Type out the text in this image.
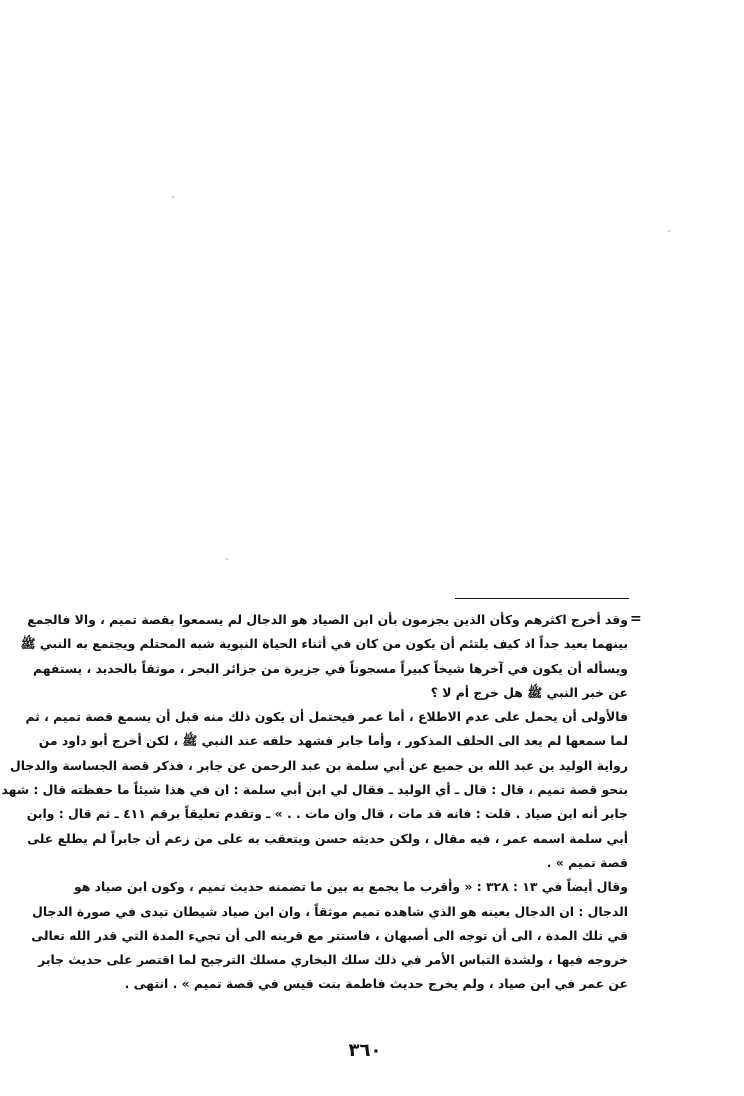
=
وقد أخرج اكثرهم وكأن الذين يجزمون بأن ابن الصياد هو الدجال لم يسمعوا بقصة تميم ، والا فالجمع
بينهما بعيد جداً اذ كيف يلتئم أن يكون من كان في أثناء الحياة النبوية شبه المحتلم ويجتمع به النبي ﷺ
ويسأله أن يكون في آخرها شيخاً كبيراً مسجوناً في جزيرة من جزائر البحر ، موثقاً بالحديد ، يستفهم
عن خبر النبي ﷺ هل خرج أم لا ؟
فالأولى أن يحمل على عدم الاطلاع ، أما عمر فيحتمل أن يكون ذلك منه قبل أن يسمع قصة تميم ، ثم
لما سمعها لم يعد الى الحلف المذكور ، وأما جابر فشهد حلفه عند النبي ﷺ ، لكن أخرج أبو داود من
رواية الوليد بن عبد الله بن جميع عن أبي سلمة بن عبد الرحمن عن جابر ، فذكر قصة الجساسة والدجال
بنحو قصة تميم ، قال : قال ـ أي الوليد ـ فقال لي ابن أبي سلمة : ان في هذا شيئاً ما حفظته قال : شهد
جابر أنه ابن صياد . قلت : فانه قد مات ، قال وان مات . . » ـ وتقدم تعليقاً برقم ٤١١ ـ ثم قال : وابن
أبي سلمة اسمه عمر ، فيه مقال ، ولكن حديثه حسن ويتعقب به على من زعم أن جابراً لم يطلع على
قصة تميم » .
وقال أيضاً في ١٣ : ٣٢٨ : « وأقرب ما يجمع به بين ما تضمنه حديث تميم ، وكون ابن صياد هو
الدجال : ان الدجال بعينه هو الذي شاهده تميم موثقاً ، وان ابن صياد شيطان تبدى في صورة الدجال
في تلك المدة ، الى أن توجه الى أصبهان ، فاستتر مع قرينه الى أن تجيء المدة التي قدر الله تعالى
خروجه فيها ، ولشدة التباس الأمر في ذلك سلك البخاري مسلك الترجيح لما اقتصر على حديث جابر
عن عمر في ابن صياد ، ولم يخرج حديث فاطمة بنت قيس في قصة تميم » . انتهى .
٣٦٠
